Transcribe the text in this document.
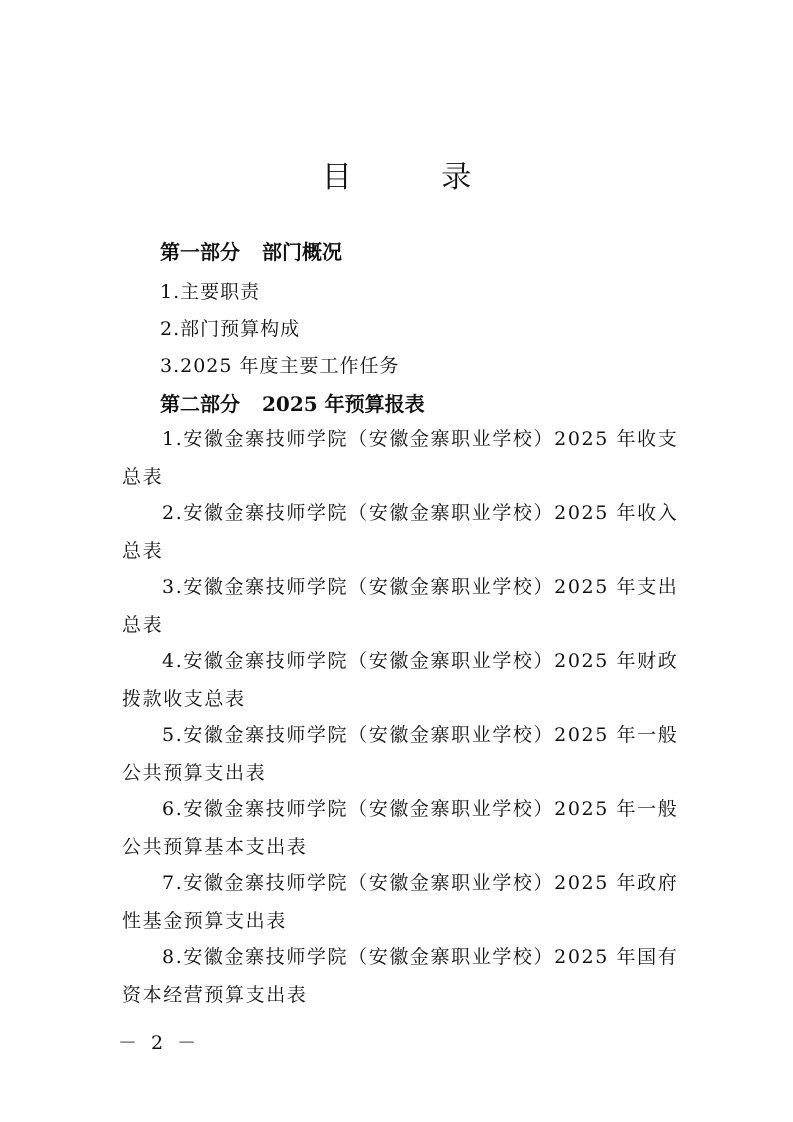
目 录
第一部分 部门概况
1.主要职责
2.部门预算构成
3.2025 年度主要工作任务
第二部分 2025 年预算报表
1.安徽金寨技师学院（安徽金寨职业学校）2025 年收支
总表
2.安徽金寨技师学院（安徽金寨职业学校）2025 年收入
总表
3.安徽金寨技师学院（安徽金寨职业学校）2025 年支出
总表
4.安徽金寨技师学院（安徽金寨职业学校）2025 年财政
拨款收支总表
5.安徽金寨技师学院（安徽金寨职业学校）2025 年一般
公共预算支出表
6.安徽金寨技师学院（安徽金寨职业学校）2025 年一般
公共预算基本支出表
7.安徽金寨技师学院（安徽金寨职业学校）2025 年政府
性基金预算支出表
8.安徽金寨技师学院（安徽金寨职业学校）2025 年国有
资本经营预算支出表
－ 2 －
